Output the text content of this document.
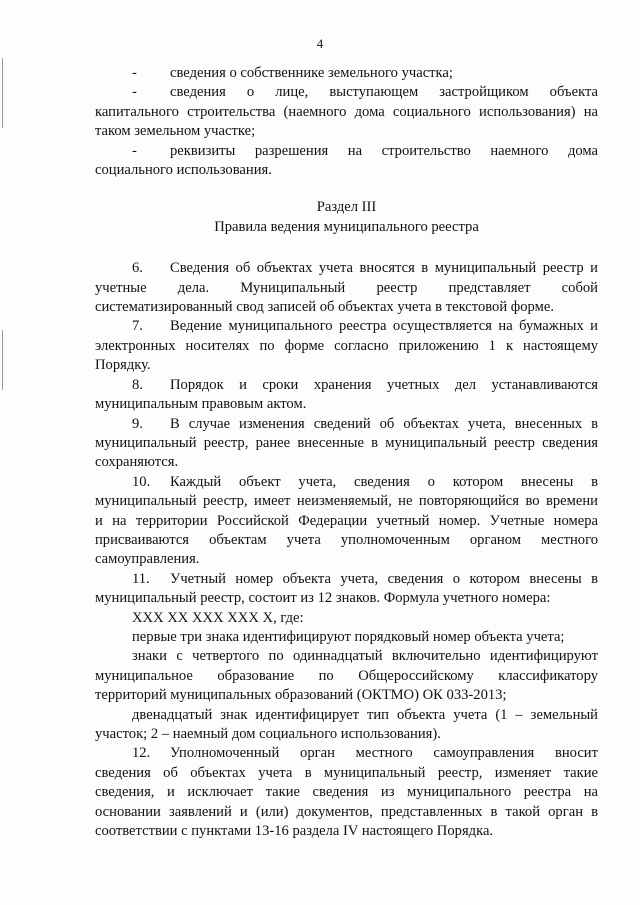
4
-	сведения о собственнике земельного участка;
-	сведения о лице, выступающем застройщиком объекта

капитального строительства (наемного дома социального использования) на

таком земельном участке;

-	реквизиты разрешения на строительство наемного дома

социального использования.

Раздел III

Правила ведения муниципального реестра

6. Сведения об объектах учета вносятся в муниципальный реестр и

учетные дела. Муниципальный реестр представляет собой

систематизированный свод записей об объектах учета в текстовой форме.

7. Ведение муниципального реестра осуществляется на бумажных и

электронных носителях по форме согласно приложению 1 к настоящему

Порядку.

8. Порядок и сроки хранения учетных дел устанавливаются

муниципальным правовым актом.

9. В случае изменения сведений об объектах учета, внесенных в

муниципальный реестр, ранее внесенные в муниципальный реестр сведения

сохраняются.

10. Каждый объект учета, сведения о котором внесены в

муниципальный реестр, имеет неизменяемый, не повторяющийся во времени

и на территории Российской Федерации учетный номер. Учетные номера

присваиваются объектам учета уполномоченным органом местного

самоуправления.

11. Учетный номер объекта учета, сведения о котором внесены в

муниципальный реестр, состоит из 12 знаков. Формула учетного номера:

ХХХ ХХ ХХХ ХХХ Х, где:

первые три знака идентифицируют порядковый номер объекта учета;

знаки с четвертого по одиннадцатый включительно идентифицируют

муниципальное образование по Общероссийскому классификатору

территорий муниципальных образований (ОКТМО) ОК 033-2013;

двенадцатый знак идентифицирует тип объекта учета (1 – земельный

участок; 2 – наемный дом социального использования).

12. Уполномоченный орган местного самоуправления вносит

сведения об объектах учета в муниципальный реестр, изменяет такие

сведения, и исключает такие сведения из муниципального реестра на

основании заявлений и (или) документов, представленных в такой орган в

соответствии с пунктами 13-16 раздела IV настоящего Порядка.
